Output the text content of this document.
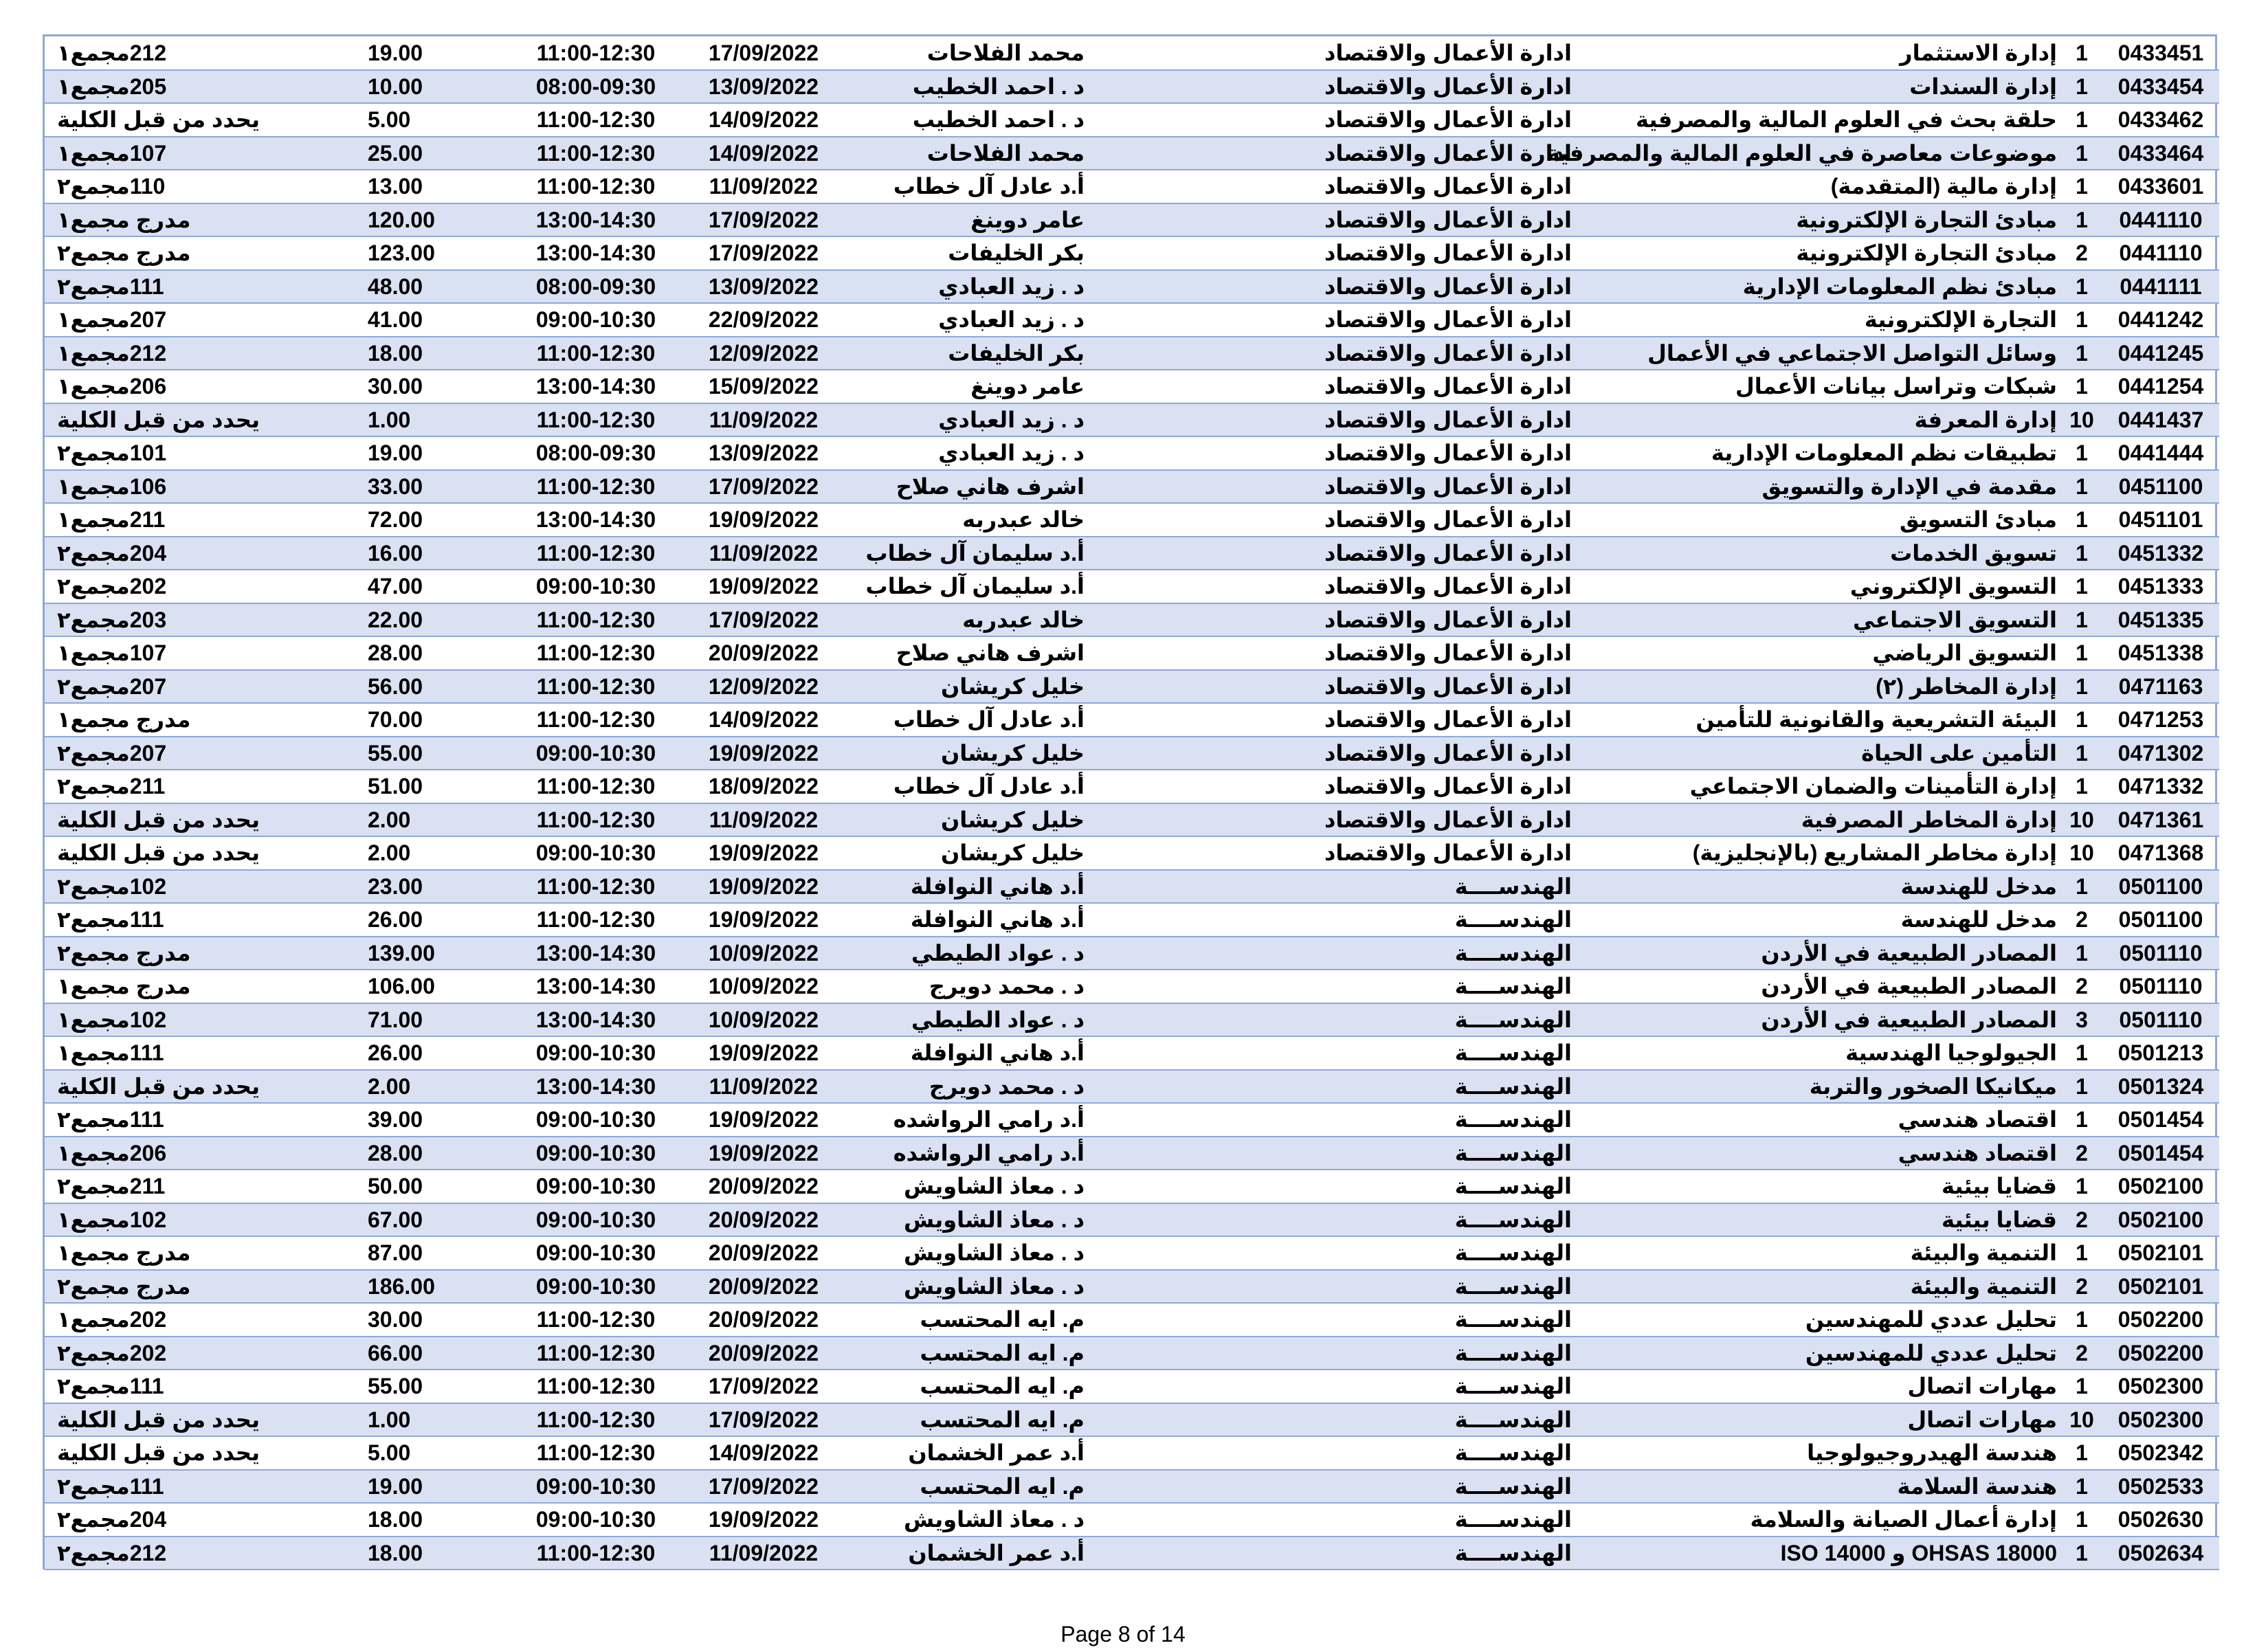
0433451	1	إدارة الاستثمار	ادارة الأعمال والاقتصاد	محمد الفلاحات	17/09/2022	11:00-12:30	19.00	212مجمع١
0433454	1	إدارة السندات	ادارة الأعمال والاقتصاد	د . احمد الخطيب	13/09/2022	08:00-09:30	10.00	205مجمع١
0433462	1	حلقة بحث في العلوم المالية والمصرفية	ادارة الأعمال والاقتصاد	د . احمد الخطيب	14/09/2022	11:00-12:30	5.00	يحدد من قبل الكلية
0433464	1	موضوعات معاصرة في العلوم المالية والمصرفية	ادارة الأعمال والاقتصاد	محمد الفلاحات	14/09/2022	11:00-12:30	25.00	107مجمع١
0433601	1	إدارة مالية (المتقدمة)	ادارة الأعمال والاقتصاد	أ.د عادل آل خطاب	11/09/2022	11:00-12:30	13.00	110مجمع٢
0441110	1	مبادئ التجارة الإلكترونية	ادارة الأعمال والاقتصاد	عامر دوينغ	17/09/2022	13:00-14:30	120.00	مدرج مجمع١
0441110	2	مبادئ التجارة الإلكترونية	ادارة الأعمال والاقتصاد	بكر الخليفات	17/09/2022	13:00-14:30	123.00	مدرج مجمع٢
0441111	1	مبادئ نظم المعلومات الإدارية	ادارة الأعمال والاقتصاد	د . زيد العبادي	13/09/2022	08:00-09:30	48.00	111مجمع٢
0441242	1	التجارة الإلكترونية	ادارة الأعمال والاقتصاد	د . زيد العبادي	22/09/2022	09:00-10:30	41.00	207مجمع١
0441245	1	وسائل التواصل الاجتماعي في الأعمال	ادارة الأعمال والاقتصاد	بكر الخليفات	12/09/2022	11:00-12:30	18.00	212مجمع١
0441254	1	شبكات وتراسل بيانات الأعمال	ادارة الأعمال والاقتصاد	عامر دوينغ	15/09/2022	13:00-14:30	30.00	206مجمع١
0441437	10	إدارة المعرفة	ادارة الأعمال والاقتصاد	د . زيد العبادي	11/09/2022	11:00-12:30	1.00	يحدد من قبل الكلية
0441444	1	تطبيقات نظم المعلومات الإدارية	ادارة الأعمال والاقتصاد	د . زيد العبادي	13/09/2022	08:00-09:30	19.00	101مجمع٢
0451100	1	مقدمة في الإدارة والتسويق	ادارة الأعمال والاقتصاد	اشرف هاني صلاح	17/09/2022	11:00-12:30	33.00	106مجمع١
0451101	1	مبادئ التسويق	ادارة الأعمال والاقتصاد	خالد عبدربه	19/09/2022	13:00-14:30	72.00	211مجمع١
0451332	1	تسويق الخدمات	ادارة الأعمال والاقتصاد	أ.د سليمان آل خطاب	11/09/2022	11:00-12:30	16.00	204مجمع٢
0451333	1	التسويق الإلكتروني	ادارة الأعمال والاقتصاد	أ.د سليمان آل خطاب	19/09/2022	09:00-10:30	47.00	202مجمع٢
0451335	1	التسويق الاجتماعي	ادارة الأعمال والاقتصاد	خالد عبدربه	17/09/2022	11:00-12:30	22.00	203مجمع٢
0451338	1	التسويق الرياضي	ادارة الأعمال والاقتصاد	اشرف هاني صلاح	20/09/2022	11:00-12:30	28.00	107مجمع١
0471163	1	إدارة المخاطر (٢)	ادارة الأعمال والاقتصاد	خليل كريشان	12/09/2022	11:00-12:30	56.00	207مجمع٢
0471253	1	البيئة التشريعية والقانونية للتأمين	ادارة الأعمال والاقتصاد	أ.د عادل آل خطاب	14/09/2022	11:00-12:30	70.00	مدرج مجمع١
0471302	1	التأمين على الحياة	ادارة الأعمال والاقتصاد	خليل كريشان	19/09/2022	09:00-10:30	55.00	207مجمع٢
0471332	1	إدارة التأمينات والضمان الاجتماعي	ادارة الأعمال والاقتصاد	أ.د عادل آل خطاب	18/09/2022	11:00-12:30	51.00	211مجمع٢
0471361	10	إدارة المخاطر المصرفية	ادارة الأعمال والاقتصاد	خليل كريشان	11/09/2022	11:00-12:30	2.00	يحدد من قبل الكلية
0471368	10	إدارة مخاطر المشاريع (بالإنجليزية)	ادارة الأعمال والاقتصاد	خليل كريشان	19/09/2022	09:00-10:30	2.00	يحدد من قبل الكلية
0501100	1	مدخل للهندسة	الهندســــة	أ.د هاني النوافلة	19/09/2022	11:00-12:30	23.00	102مجمع٢
0501100	2	مدخل للهندسة	الهندســــة	أ.د هاني النوافلة	19/09/2022	11:00-12:30	26.00	111مجمع٢
0501110	1	المصادر الطبيعية في الأردن	الهندســــة	د . عواد الطيطي	10/09/2022	13:00-14:30	139.00	مدرج مجمع٢
0501110	2	المصادر الطبيعية في الأردن	الهندســــة	د . محمد دويرج	10/09/2022	13:00-14:30	106.00	مدرج مجمع١
0501110	3	المصادر الطبيعية في الأردن	الهندســــة	د . عواد الطيطي	10/09/2022	13:00-14:30	71.00	102مجمع١
0501213	1	الجيولوجيا الهندسية	الهندســــة	أ.د هاني النوافلة	19/09/2022	09:00-10:30	26.00	111مجمع١
0501324	1	ميكانيكا الصخور والتربة	الهندســــة	د . محمد دويرج	11/09/2022	13:00-14:30	2.00	يحدد من قبل الكلية
0501454	1	اقتصاد هندسي	الهندســــة	أ.د رامي الرواشده	19/09/2022	09:00-10:30	39.00	111مجمع٢
0501454	2	اقتصاد هندسي	الهندســــة	أ.د رامي الرواشده	19/09/2022	09:00-10:30	28.00	206مجمع١
0502100	1	قضايا بيئية	الهندســــة	د . معاذ الشاويش	20/09/2022	09:00-10:30	50.00	211مجمع٢
0502100	2	قضايا بيئية	الهندســــة	د . معاذ الشاويش	20/09/2022	09:00-10:30	67.00	102مجمع١
0502101	1	التنمية والبيئة	الهندســــة	د . معاذ الشاويش	20/09/2022	09:00-10:30	87.00	مدرج مجمع١
0502101	2	التنمية والبيئة	الهندســــة	د . معاذ الشاويش	20/09/2022	09:00-10:30	186.00	مدرج مجمع٢
0502200	1	تحليل عددي للمهندسين	الهندســــة	م. ايه المحتسب	20/09/2022	11:00-12:30	30.00	202مجمع١
0502200	2	تحليل عددي للمهندسين	الهندســــة	م. ايه المحتسب	20/09/2022	11:00-12:30	66.00	202مجمع٢
0502300	1	مهارات اتصال	الهندســــة	م. ايه المحتسب	17/09/2022	11:00-12:30	55.00	111مجمع٢
0502300	10	مهارات اتصال	الهندســــة	م. ايه المحتسب	17/09/2022	11:00-12:30	1.00	يحدد من قبل الكلية
0502342	1	هندسة الهيدروجيولوجيا	الهندســــة	أ.د عمر الخشمان	14/09/2022	11:00-12:30	5.00	يحدد من قبل الكلية
0502533	1	هندسة السلامة	الهندســــة	م. ايه المحتسب	17/09/2022	09:00-10:30	19.00	111مجمع٢
0502630	1	إدارة أعمال الصيانة والسلامة	الهندســــة	د . معاذ الشاويش	19/09/2022	09:00-10:30	18.00	204مجمع٢
0502634	1	OHSAS 18000 و ISO 14000	الهندســــة	أ.د عمر الخشمان	11/09/2022	11:00-12:30	18.00	212مجمع٢
Page 8 of 14
